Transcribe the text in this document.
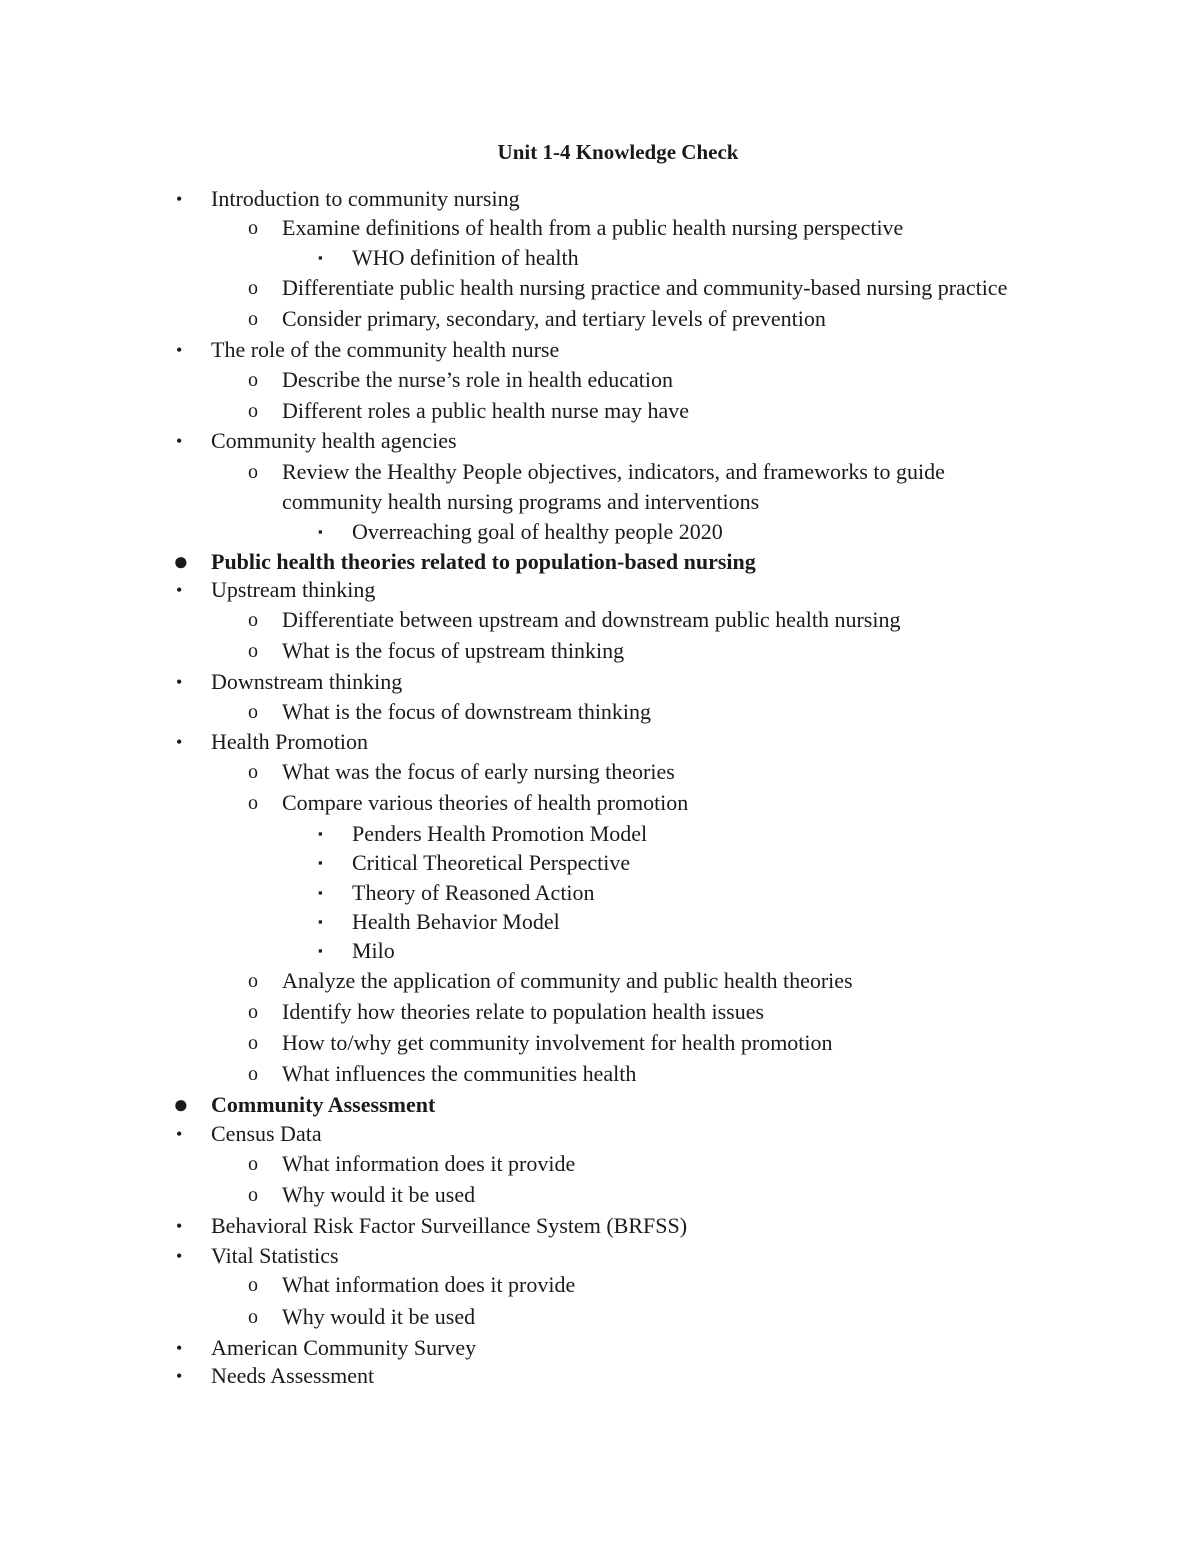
Unit 1-4 Knowledge Check
• Introduction to community nursing
o Examine definitions of health from a public health nursing perspective
▪ WHO definition of health
o Differentiate public health nursing practice and community-based nursing practice
o Consider primary, secondary, and tertiary levels of prevention
• The role of the community health nurse
o Describe the nurse’s role in health education
o Different roles a public health nurse may have
• Community health agencies
o Review the Healthy People objectives, indicators, and frameworks to guide
community health nursing programs and interventions
▪ Overreaching goal of healthy people 2020
● Public health theories related to population-based nursing
• Upstream thinking
o Differentiate between upstream and downstream public health nursing
o What is the focus of upstream thinking
• Downstream thinking
o What is the focus of downstream thinking
• Health Promotion
o What was the focus of early nursing theories
o Compare various theories of health promotion
▪ Penders Health Promotion Model
▪ Critical Theoretical Perspective
▪ Theory of Reasoned Action
▪ Health Behavior Model
▪ Milo
o Analyze the application of community and public health theories
o Identify how theories relate to population health issues
o How to/why get community involvement for health promotion
o What influences the communities health
● Community Assessment
• Census Data
o What information does it provide
o Why would it be used
• Behavioral Risk Factor Surveillance System (BRFSS)
• Vital Statistics
o What information does it provide
o Why would it be used
• American Community Survey
• Needs Assessment
